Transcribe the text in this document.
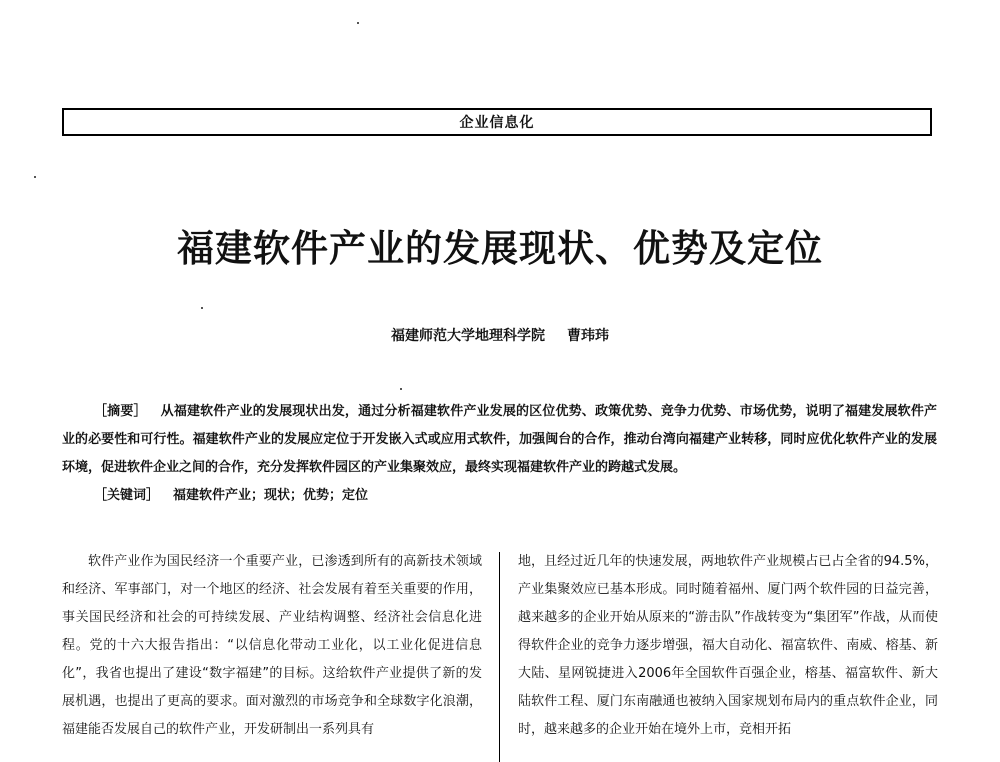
企业信息化
福建软件产业的发展现状、优势及定位
福建师范大学地理科学院 曹玮玮

［摘要］ 从福建软件产业的发展现状出发，通过分析福建软件产业发展的区位优势、政策优势、竞争力优势、市场优势，说明了福建发展软件产业的必要性和可行性。福建软件产业的发展应定位于开发嵌入式或应用式软件，加强闽台的合作，推动台湾向福建产业转移，同时应优化软件产业的发展环境，促进软件企业之间的合作，充分发挥软件园区的产业集聚效应，最终实现福建软件产业的跨越式发展。

［关键词］ 福建软件产业；现状；优势；定位

软件产业作为国民经济一个重要产业，已渗透到所有的高新技术领域和经济、军事部门，对一个地区的经济、社会发展有着至关重要的作用，事关国民经济和社会的可持续发展、产业结构调整、经济社会信息化进程。党的十六大报告指出：“以信息化带动工业化，以工业化促进信息化”，我省也提出了建设“数字福建”的目标。这给软件产业提供了新的发展机遇，也提出了更高的要求。面对激烈的市场竞争和全球数字化浪潮，福建能否发展自己的软件产业，开发研制出一系列具有

地，且经过近几年的快速发展，两地软件产业规模占已占全省的94.5%，产业集聚效应已基本形成。同时随着福州、厦门两个软件园的日益完善，越来越多的企业开始从原来的“游击队”作战转变为“集团军”作战，从而使得软件企业的竞争力逐步增强，福大自动化、福富软件、南威、榕基、新大陆、星网锐捷进入2006年全国软件百强企业，榕基、福富软件、新大陆软件工程、厦门东南融通也被纳入国家规划布局内的重点软件企业，同时，越来越多的企业开始在境外上市，竞相开拓
